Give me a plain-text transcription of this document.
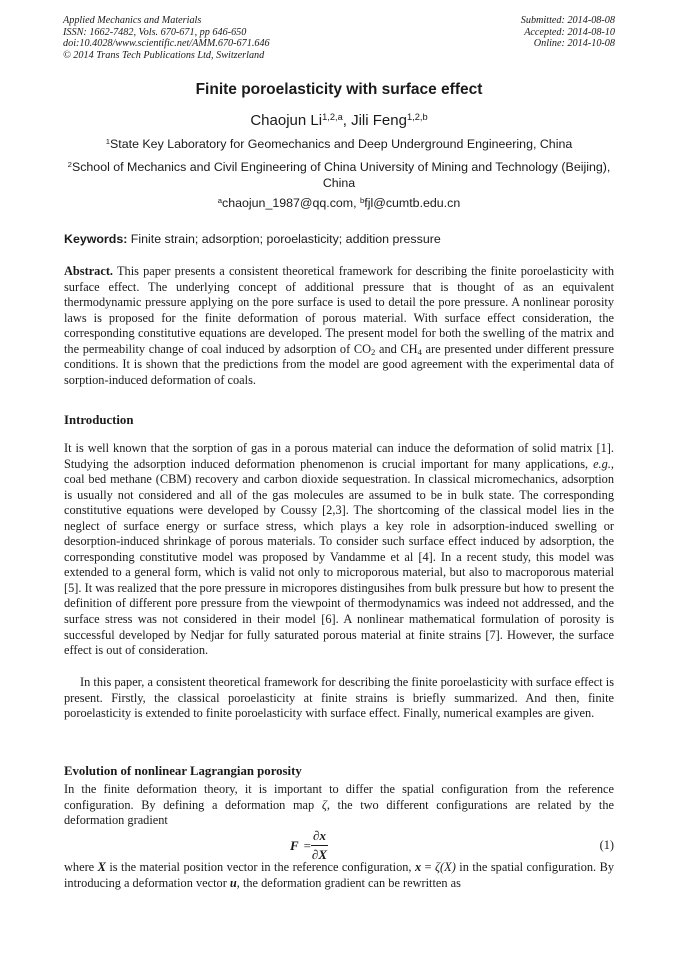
Applied Mechanics and Materials
ISSN: 1662-7482, Vols. 670-671, pp 646-650
doi:10.4028/www.scientific.net/AMM.670-671.646
© 2014 Trans Tech Publications Ltd, Switzerland
Submitted: 2014-08-08
Accepted: 2014-08-10
Online: 2014-10-08
Finite poroelasticity with surface effect
Chaojun Li$^{1,2,a}$, Jili Feng$^{1,2,b}$
$^1$State Key Laboratory for Geomechanics and Deep Underground Engineering, China
$^2$School of Mechanics and Civil Engineering of China University of Mining and Technology (Beijing), China
$^a$chaojun_1987@qq.com, $^b$fjl@cumtb.edu.cn
Keywords: Finite strain; adsorption; poroelasticity; addition pressure
Abstract. This paper presents a consistent theoretical framework for describing the finite poroelasticity with surface effect. The underlying concept of additional pressure that is thought of as an equivalent thermodynamic pressure applying on the pore surface is used to detail the pore pressure. A nonlinear porosity laws is proposed for the finite deformation of porous material. With surface effect consideration, the corresponding constitutive equations are developed. The present model for both the swelling of the matrix and the permeability change of coal induced by adsorption of $CO_2$ and $CH_4$ are presented under different pressure conditions. It is shown that the predictions from the model are good agreement with the experimental data of sorption-induced deformation of coals.
Introduction
It is well known that the sorption of gas in a porous material can induce the deformation of solid matrix [1]. Studying the adsorption induced deformation phenomenon is crucial important for many applications, e.g., coal bed methane (CBM) recovery and carbon dioxide sequestration. In classical micromechanics, adsorption is usually not considered and all of the gas molecules are assumed to be in bulk state. The corresponding constitutive equations were developed by Coussy [2,3]. The shortcoming of the classical model lies in the neglect of surface energy or surface stress, which plays a key role in adsorption-induced swelling or desorption-induced shrinkage of porous materials. To consider such surface effect induced by adsorption, the corresponding constitutive model was proposed by Vandamme et al [4]. In a recent study, this model was extended to a general form, which is valid not only to microporous material, but also to macroporous material [5]. It was realized that the pore pressure in micropores distingusihes from bulk pressure but how to present the definition of different pore pressure from the viewpoint of thermodynamics was indeed not addressed, and the surface stress was not considered in their model [6]. A nonlinear mathematical formulation of porosity is successful developed by Nedjar for fully saturated porous material at finite strains [7]. However, the surface effect is out of consideration.
In this paper, a consistent theoretical framework for describing the finite poroelasticity with surface effect is present. Firstly, the classical poroelasticity at finite strains is briefly summarized. And then, finite poroelasticity is extended to finite poroelasticity with surface effect. Finally, numerical examples are given.
Evolution of nonlinear Lagrangian porosity
In the finite deformation theory, it is important to differ the spatial configuration from the reference configuration. By defining a deformation map ζ, the two different configurations are related by the deformation gradient
$F = \frac{\partial x}{\partial X}$	(1)
where X is the material position vector in the reference configuration, x = ζ(X) in the spatial configuration. By introducing a deformation vector u, the deformation gradient can be rewritten as
